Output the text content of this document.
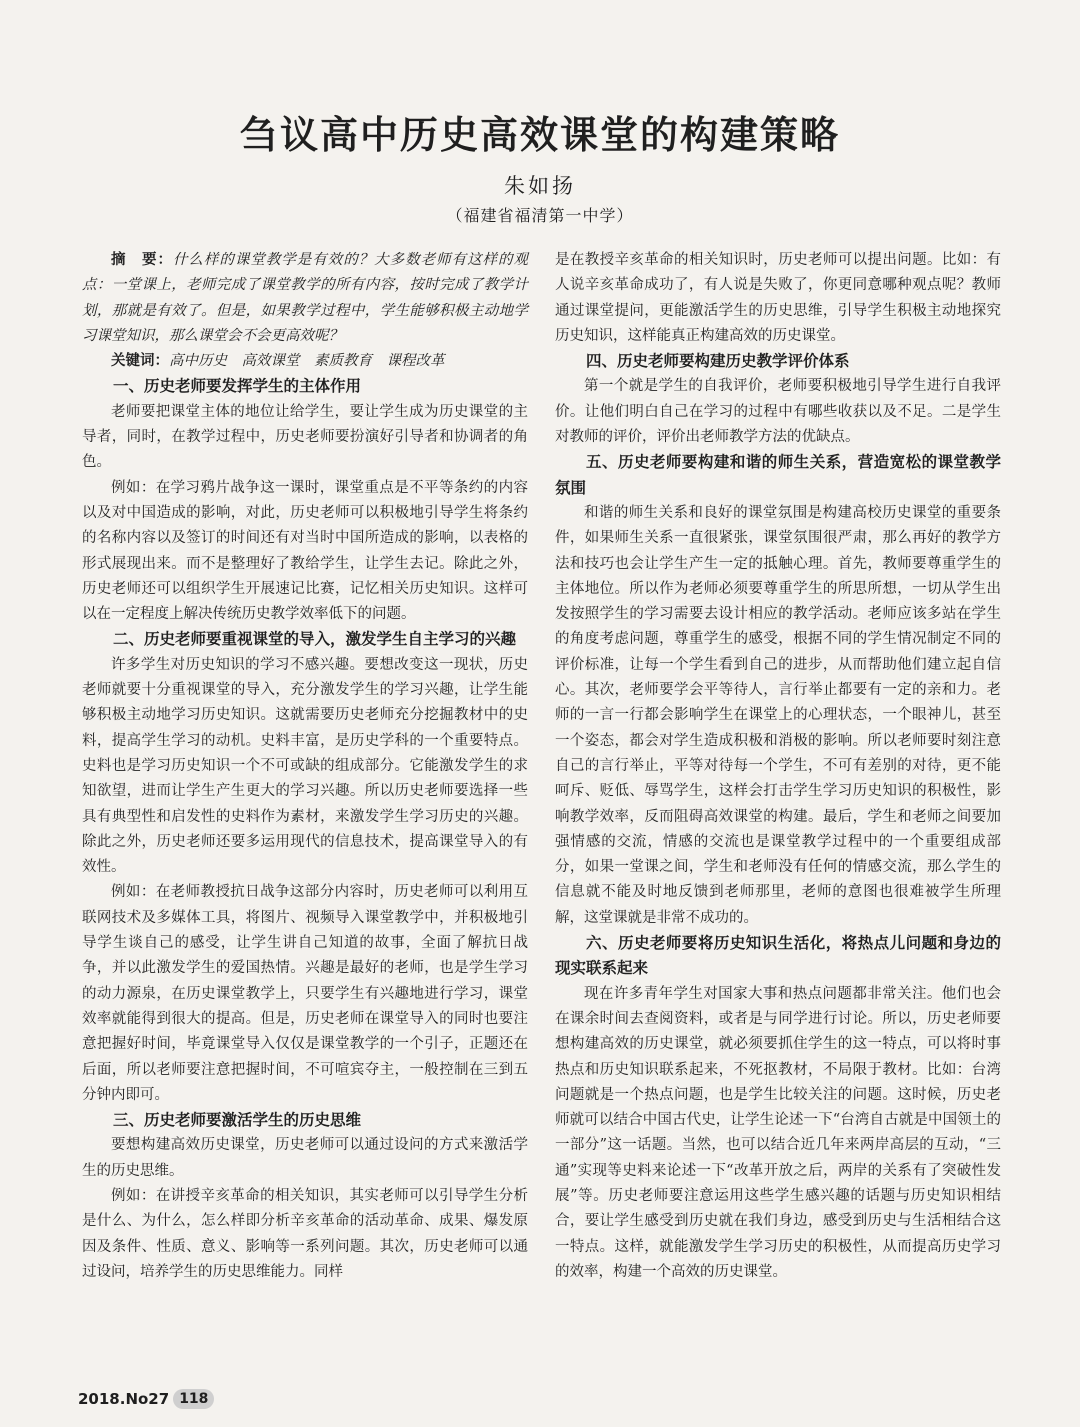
刍议高中历史高效课堂的构建策略
朱如扬
（福建省福清第一中学）

摘　要：什么样的课堂教学是有效的？大多数老师有这样的观点：一堂课上，老师完成了课堂教学的所有内容，按时完成了教学计划，那就是有效了。但是，如果教学过程中，学生能够积极主动地学习课堂知识，那么课堂会不会更高效呢？

关键词：高中历史　高效课堂　素质教育　课程改革

一、历史老师要发挥学生的主体作用

老师要把课堂主体的地位让给学生，要让学生成为历史课堂的主导者，同时，在教学过程中，历史老师要扮演好引导者和协调者的角色。

例如：在学习鸦片战争这一课时，课堂重点是不平等条约的内容以及对中国造成的影响，对此，历史老师可以积极地引导学生将条约的名称内容以及签订的时间还有对当时中国所造成的影响，以表格的形式展现出来。而不是整理好了教给学生，让学生去记。除此之外，历史老师还可以组织学生开展速记比赛，记忆相关历史知识。这样可以在一定程度上解决传统历史教学效率低下的问题。

二、历史老师要重视课堂的导入，激发学生自主学习的兴趣

许多学生对历史知识的学习不感兴趣。要想改变这一现状，历史老师就要十分重视课堂的导入，充分激发学生的学习兴趣，让学生能够积极主动地学习历史知识。这就需要历史老师充分挖掘教材中的史料，提高学生学习的动机。史料丰富，是历史学科的一个重要特点。史料也是学习历史知识一个不可或缺的组成部分。它能激发学生的求知欲望，进而让学生产生更大的学习兴趣。所以历史老师要选择一些具有典型性和启发性的史料作为素材，来激发学生学习历史的兴趣。除此之外，历史老师还要多运用现代的信息技术，提高课堂导入的有效性。

例如：在老师教授抗日战争这部分内容时，历史老师可以利用互联网技术及多媒体工具，将图片、视频导入课堂教学中，并积极地引导学生谈自己的感受，让学生讲自己知道的故事，全面了解抗日战争，并以此激发学生的爱国热情。兴趣是最好的老师，也是学生学习的动力源泉，在历史课堂教学上，只要学生有兴趣地进行学习，课堂效率就能得到很大的提高。但是，历史老师在课堂导入的同时也要注意把握好时间，毕竟课堂导入仅仅是课堂教学的一个引子，正题还在后面，所以老师要注意把握时间，不可喧宾夺主，一般控制在三到五分钟内即可。

三、历史老师要激活学生的历史思维

要想构建高效历史课堂，历史老师可以通过设问的方式来激活学生的历史思维。

例如：在讲授辛亥革命的相关知识，其实老师可以引导学生分析是什么、为什么，怎么样即分析辛亥革命的活动革命、成果、爆发原因及条件、性质、意义、影响等一系列问题。其次，历史老师可以通过设问，培养学生的历史思维能力。同样

是在教授辛亥革命的相关知识时，历史老师可以提出问题。比如：有人说辛亥革命成功了，有人说是失败了，你更同意哪种观点呢？教师通过课堂提问，更能激活学生的历史思维，引导学生积极主动地探究历史知识，这样能真正构建高效的历史课堂。

四、历史老师要构建历史教学评价体系

第一个就是学生的自我评价，老师要积极地引导学生进行自我评价。让他们明白自己在学习的过程中有哪些收获以及不足。二是学生对教师的评价，评价出老师教学方法的优缺点。

五、历史老师要构建和谐的师生关系，营造宽松的课堂教学氛围

和谐的师生关系和良好的课堂氛围是构建高校历史课堂的重要条件，如果师生关系一直很紧张，课堂氛围很严肃，那么再好的教学方法和技巧也会让学生产生一定的抵触心理。首先，教师要尊重学生的主体地位。所以作为老师必须要尊重学生的所思所想，一切从学生出发按照学生的学习需要去设计相应的教学活动。老师应该多站在学生的角度考虑问题，尊重学生的感受，根据不同的学生情况制定不同的评价标准，让每一个学生看到自己的进步，从而帮助他们建立起自信心。其次，老师要学会平等待人，言行举止都要有一定的亲和力。老师的一言一行都会影响学生在课堂上的心理状态，一个眼神儿，甚至一个姿态，都会对学生造成积极和消极的影响。所以老师要时刻注意自己的言行举止，平等对待每一个学生，不可有差别的对待，更不能呵斥、贬低、辱骂学生，这样会打击学生学习历史知识的积极性，影响教学效率，反而阻碍高效课堂的构建。最后，学生和老师之间要加强情感的交流，情感的交流也是课堂教学过程中的一个重要组成部分，如果一堂课之间，学生和老师没有任何的情感交流，那么学生的信息就不能及时地反馈到老师那里，老师的意图也很难被学生所理解，这堂课就是非常不成功的。

六、历史老师要将历史知识生活化，将热点儿问题和身边的现实联系起来

现在许多青年学生对国家大事和热点问题都非常关注。他们也会在课余时间去查阅资料，或者是与同学进行讨论。所以，历史老师要想构建高效的历史课堂，就必须要抓住学生的这一特点，可以将时事热点和历史知识联系起来，不死抠教材，不局限于教材。比如：台湾问题就是一个热点问题，也是学生比较关注的问题。这时候，历史老师就可以结合中国古代史，让学生论述一下“台湾自古就是中国领土的一部分”这一话题。当然，也可以结合近几年来两岸高层的互动，“三通”实现等史料来论述一下“改革开放之后，两岸的关系有了突破性发展”等。历史老师要注意运用这些学生感兴趣的话题与历史知识相结合，要让学生感受到历史就在我们身边，感受到历史与生活相结合这一特点。这样，就能激发学生学习历史的积极性，从而提高历史学习的效率，构建一个高效的历史课堂。

2018.No27 118
